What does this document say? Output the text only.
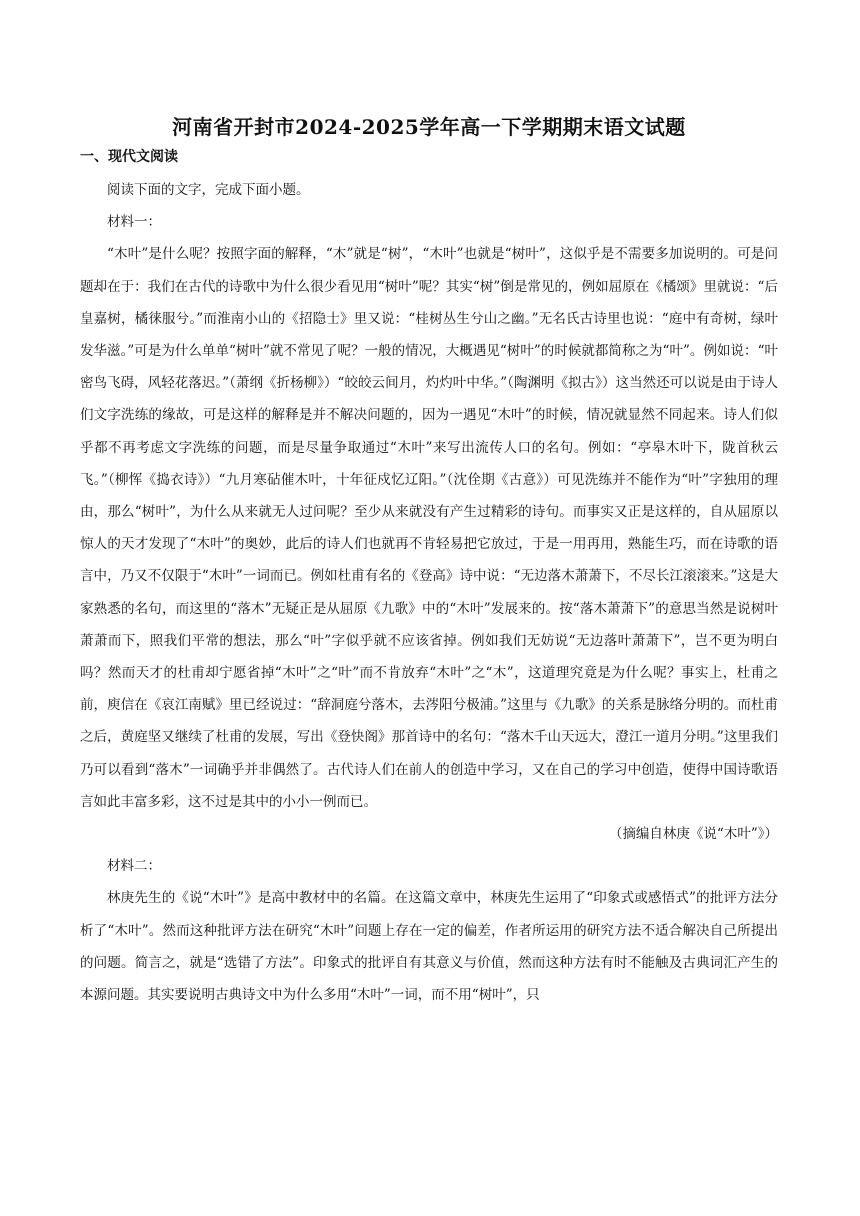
河南省开封市2024-2025学年高一下学期期末语文试题
一、现代文阅读

阅读下面的文字，完成下面小题。

材料一：

“木叶”是什么呢？按照字面的解释，“木”就是“树”，“木叶”也就是“树叶”，这似乎是不需要多加说明的。可是问题却在于：我们在古代的诗歌中为什么很少看见用“树叶”呢？其实“树”倒是常见的，例如屈原在《橘颂》里就说：“后皇嘉树，橘徕服兮。”而淮南小山的《招隐士》里又说：“桂树丛生兮山之幽。”无名氏古诗里也说：“庭中有奇树，绿叶发华滋。”可是为什么单单“树叶”就不常见了呢？一般的情况，大概遇见“树叶”的时候就都简称之为“叶”。例如说：“叶密鸟飞碍，风轻花落迟。”（萧纲《折杨柳》）“皎皎云间月，灼灼叶中华。”（陶渊明《拟古》）这当然还可以说是由于诗人们文字洗练的缘故，可是这样的解释是并不解决问题的，因为一遇见“木叶”的时候，情况就显然不同起来。诗人们似乎都不再考虑文字洗练的问题，而是尽量争取通过“木叶”来写出流传人口的名句。例如：“亭皋木叶下，陇首秋云飞。”（柳恽《捣衣诗》）“九月寒砧催木叶，十年征戍忆辽阳。”（沈佺期《古意》）可见洗练并不能作为“叶”字独用的理由，那么“树叶”，为什么从来就无人过问呢？至少从来就没有产生过精彩的诗句。而事实又正是这样的，自从屈原以惊人的天才发现了“木叶”的奥妙，此后的诗人们也就再不肯轻易把它放过，于是一用再用，熟能生巧，而在诗歌的语言中，乃又不仅限于“木叶”一词而已。例如杜甫有名的《登高》诗中说：“无边落木萧萧下，不尽长江滚滚来。”这是大家熟悉的名句，而这里的“落木”无疑正是从屈原《九歌》中的“木叶”发展来的。按“落木萧萧下”的意思当然是说树叶萧萧而下，照我们平常的想法，那么“叶”字似乎就不应该省掉。例如我们无妨说“无边落叶萧萧下”，岂不更为明白吗？然而天才的杜甫却宁愿省掉“木叶”之“叶”而不肯放弃“木叶”之“木”，这道理究竟是为什么呢？事实上，杜甫之前，庾信在《哀江南赋》里已经说过：“辞洞庭兮落木，去涔阳兮极浦。”这里与《九歌》的关系是脉络分明的。而杜甫之后，黄庭坚又继续了杜甫的发展，写出《登快阁》那首诗中的名句：“落木千山天远大，澄江一道月分明。”这里我们乃可以看到“落木”一词确乎并非偶然了。古代诗人们在前人的创造中学习，又在自己的学习中创造，使得中国诗歌语言如此丰富多彩，这不过是其中的小小一例而已。

（摘编自林庚《说“木叶”》）

材料二：

林庚先生的《说“木叶”》是高中教材中的名篇。在这篇文章中，林庚先生运用了“印象式或感悟式”的批评方法分析了“木叶”。然而这种批评方法在研究“木叶”问题上存在一定的偏差，作者所运用的研究方法不适合解决自己所提出的问题。简言之，就是“选错了方法”。印象式的批评自有其意义与价值，然而这种方法有时不能触及古典词汇产生的本源问题。其实要说明古典诗文中为什么多用“木叶”一词，而不用“树叶”，只
